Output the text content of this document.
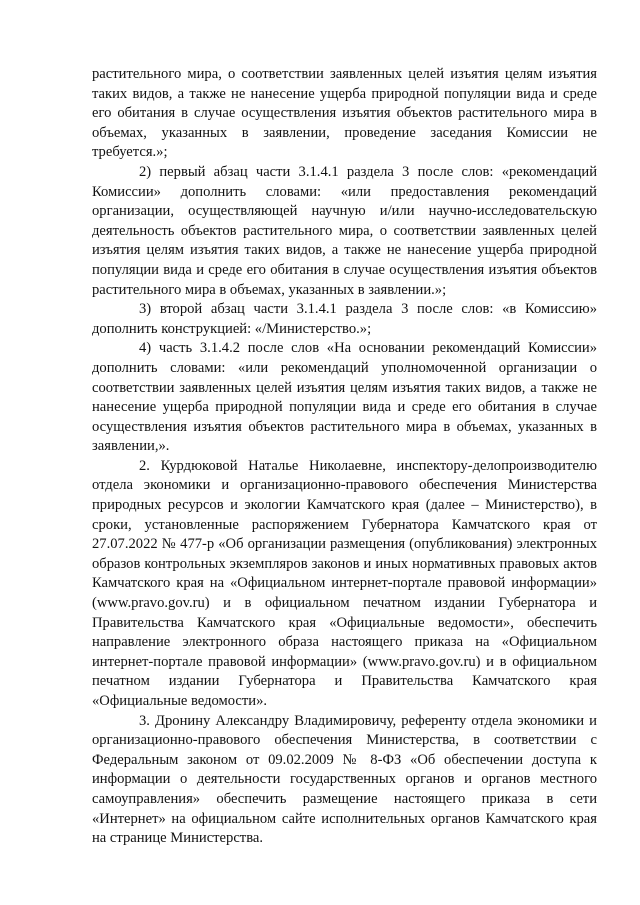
растительного мира, о соответствии заявленных целей изъятия целям изъятия таких видов, а также не нанесение ущерба природной популяции вида и среде его обитания в случае осуществления изъятия объектов растительного мира в объемах, указанных в заявлении, проведение заседания Комиссии не требуется.»;

2) первый абзац части 3.1.4.1 раздела 3 после слов: «рекомендаций Комиссии» дополнить словами: «или предоставления рекомендаций организации, осуществляющей научную и/или научно-исследовательскую деятельность объектов растительного мира, о соответствии заявленных целей изъятия целям изъятия таких видов, а также не нанесение ущерба природной популяции вида и среде его обитания в случае осуществления изъятия объектов растительного мира в объемах, указанных в заявлении.»;

3) второй абзац части 3.1.4.1 раздела 3 после слов: «в Комиссию» дополнить конструкцией: «/Министерство.»;

4) часть 3.1.4.2 после слов «На основании рекомендаций Комиссии» дополнить словами: «или рекомендаций уполномоченной организации о соответствии заявленных целей изъятия целям изъятия таких видов, а также не нанесение ущерба природной популяции вида и среде его обитания в случае осуществления изъятия объектов растительного мира в объемах, указанных в заявлении,».

2. Курдюковой Наталье Николаевне, инспектору-делопроизводителю отдела экономики и организационно-правового обеспечения Министерства природных ресурсов и экологии Камчатского края (далее – Министерство), в сроки, установленные распоряжением Губернатора Камчатского края от 27.07.2022 № 477-р «Об организации размещения (опубликования) электронных образов контрольных экземпляров законов и иных нормативных правовых актов Камчатского края на «Официальном интернет-портале правовой информации» (www.pravo.gov.ru) и в официальном печатном издании Губернатора и Правительства Камчатского края «Официальные ведомости», обеспечить направление электронного образа настоящего приказа на «Официальном интернет-портале правовой информации» (www.pravo.gov.ru) и в официальном печатном издании Губернатора и Правительства Камчатского края «Официальные ведомости».

3. Дронину Александру Владимировичу, референту отдела экономики и организационно-правового обеспечения Министерства, в соответствии с Федеральным законом от 09.02.2009 № 8-ФЗ «Об обеспечении доступа к информации о деятельности государственных органов и органов местного самоуправления» обеспечить размещение настоящего приказа в сети «Интернет» на официальном сайте исполнительных органов Камчатского края на странице Министерства.
